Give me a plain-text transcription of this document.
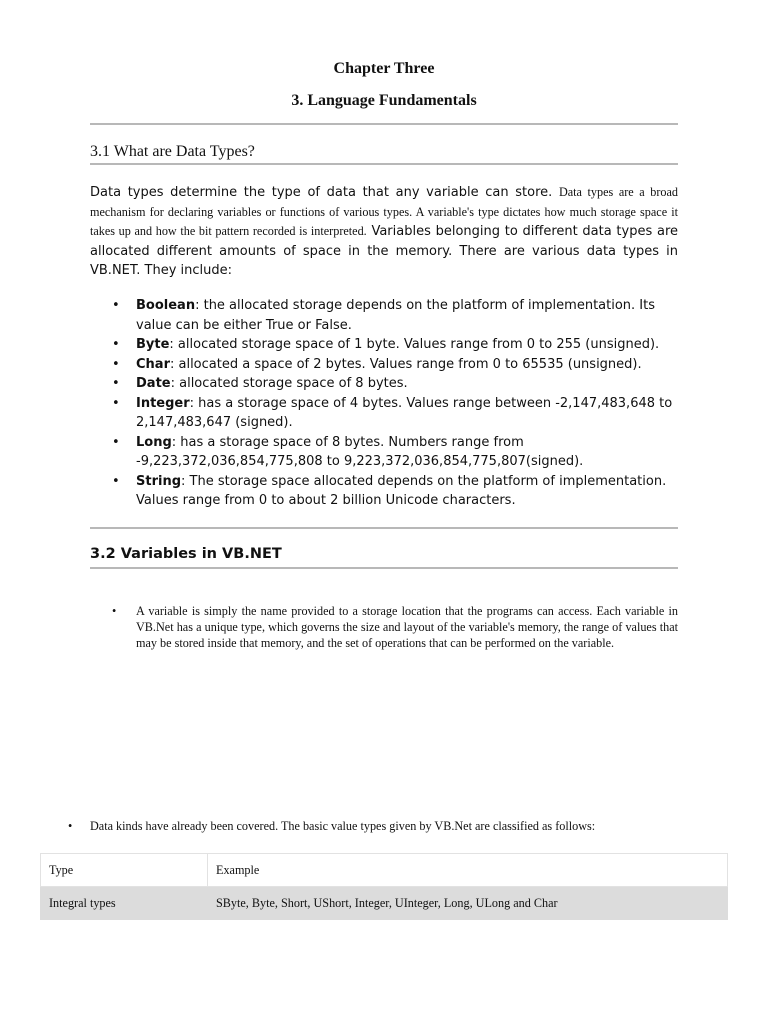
Chapter Three
3. Language Fundamentals
3.1 What are Data Types?
Data types determine the type of data that any variable can store. Data types are a broad mechanism for declaring variables or functions of various types. A variable's type dictates how much storage space it takes up and how the bit pattern recorded is interpreted. Variables belonging to different data types are allocated different amounts of space in the memory. There are various data types in VB.NET. They include:
• Boolean: the allocated storage depends on the platform of implementation. Its value can be either True or False.
• Byte: allocated storage space of 1 byte. Values range from 0 to 255 (unsigned).
• Char: allocated a space of 2 bytes. Values range from 0 to 65535 (unsigned).
• Date: allocated storage space of 8 bytes.
• Integer: has a storage space of 4 bytes. Values range between -2,147,483,648 to 2,147,483,647 (signed).
• Long: has a storage space of 8 bytes. Numbers range from -9,223,372,036,854,775,808 to 9,223,372,036,854,775,807(signed).
• String: The storage space allocated depends on the platform of implementation. Values range from 0 to about 2 billion Unicode characters.
3.2 Variables in VB.NET
• A variable is simply the name provided to a storage location that the programs can access. Each variable in VB.Net has a unique type, which governs the size and layout of the variable's memory, the range of values that may be stored inside that memory, and the set of operations that can be performed on the variable.
• Data kinds have already been covered. The basic value types given by VB.Net are classified as follows:
Type	Example
Integral types	SByte, Byte, Short, UShort, Integer, UInteger, Long, ULong and Char
